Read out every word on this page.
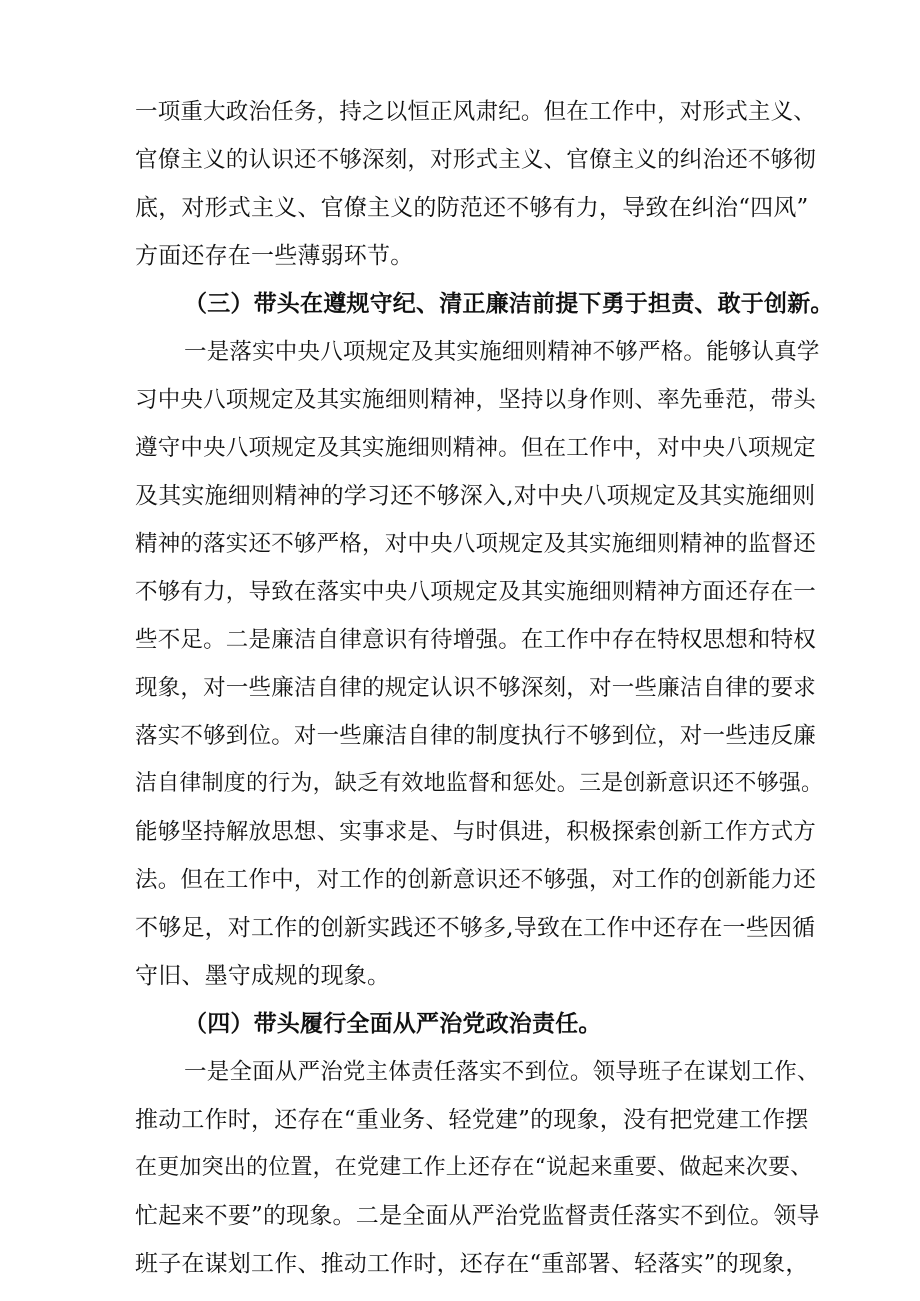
一项重大政治任务，持之以恒正风肃纪。但在工作中，对形式主义、
官僚主义的认识还不够深刻，对形式主义、官僚主义的纠治还不够彻
底，对形式主义、官僚主义的防范还不够有力，导致在纠治“四风”
方面还存在一些薄弱环节。
（三）带头在遵规守纪、清正廉洁前提下勇于担责、敢于创新。
一是落实中央八项规定及其实施细则精神不够严格。能够认真学
习中央八项规定及其实施细则精神，坚持以身作则、率先垂范，带头
遵守中央八项规定及其实施细则精神。但在工作中，对中央八项规定
及其实施细则精神的学习还不够深入,对中央八项规定及其实施细则
精神的落实还不够严格，对中央八项规定及其实施细则精神的监督还
不够有力，导致在落实中央八项规定及其实施细则精神方面还存在一
些不足。二是廉洁自律意识有待增强。在工作中存在特权思想和特权
现象，对一些廉洁自律的规定认识不够深刻，对一些廉洁自律的要求
落实不够到位。对一些廉洁自律的制度执行不够到位，对一些违反廉
洁自律制度的行为，缺乏有效地监督和惩处。三是创新意识还不够强。
能够坚持解放思想、实事求是、与时俱进，积极探索创新工作方式方
法。但在工作中，对工作的创新意识还不够强，对工作的创新能力还
不够足，对工作的创新实践还不够多,导致在工作中还存在一些因循
守旧、墨守成规的现象。
（四）带头履行全面从严治党政治责任。
一是全面从严治党主体责任落实不到位。领导班子在谋划工作、
推动工作时，还存在“重业务、轻党建”的现象，没有把党建工作摆
在更加突出的位置，在党建工作上还存在“说起来重要、做起来次要、
忙起来不要”的现象。二是全面从严治党监督责任落实不到位。领导
班子在谋划工作、推动工作时，还存在“重部署、轻落实”的现象，
